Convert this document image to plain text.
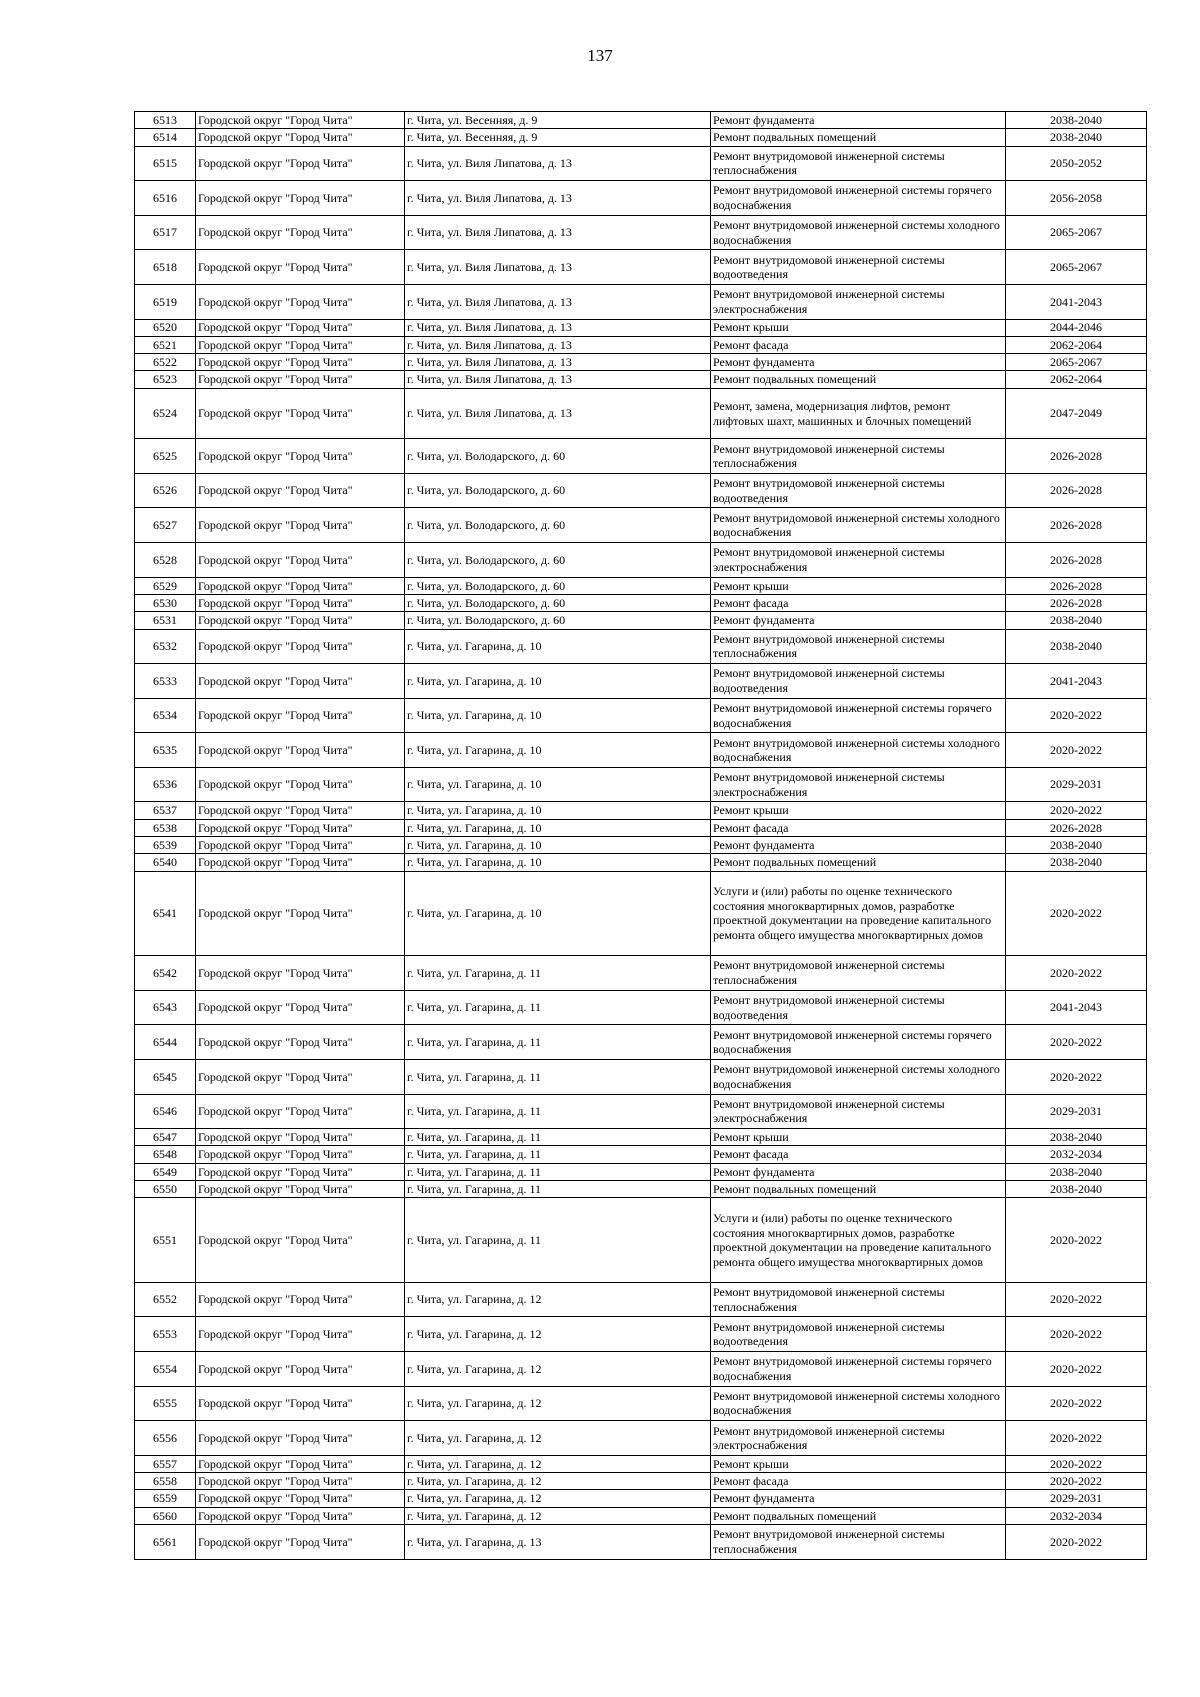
137
6513	Городской округ "Город Чита"	г. Чита, ул. Весенняя, д. 9	Ремонт фундамента	2038-2040
6514	Городской округ "Город Чита"	г. Чита, ул. Весенняя, д. 9	Ремонт подвальных помещений	2038-2040
6515	Городской округ "Город Чита"	г. Чита, ул. Виля Липатова, д. 13	Ремонт внутридомовой инженерной системы теплоснабжения	2050-2052
6516	Городской округ "Город Чита"	г. Чита, ул. Виля Липатова, д. 13	Ремонт внутридомовой инженерной системы горячего водоснабжения	2056-2058
6517	Городской округ "Город Чита"	г. Чита, ул. Виля Липатова, д. 13	Ремонт внутридомовой инженерной системы холодного водоснабжения	2065-2067
6518	Городской округ "Город Чита"	г. Чита, ул. Виля Липатова, д. 13	Ремонт внутридомовой инженерной системы водоотведения	2065-2067
6519	Городской округ "Город Чита"	г. Чита, ул. Виля Липатова, д. 13	Ремонт внутридомовой инженерной системы электроснабжения	2041-2043
6520	Городской округ "Город Чита"	г. Чита, ул. Виля Липатова, д. 13	Ремонт крыши	2044-2046
6521	Городской округ "Город Чита"	г. Чита, ул. Виля Липатова, д. 13	Ремонт фасада	2062-2064
6522	Городской округ "Город Чита"	г. Чита, ул. Виля Липатова, д. 13	Ремонт фундамента	2065-2067
6523	Городской округ "Город Чита"	г. Чита, ул. Виля Липатова, д. 13	Ремонт подвальных помещений	2062-2064
6524	Городской округ "Город Чита"	г. Чита, ул. Виля Липатова, д. 13	Ремонт, замена, модернизация лифтов, ремонт лифтовых шахт, машинных и блочных помещений	2047-2049
6525	Городской округ "Город Чита"	г. Чита, ул. Володарского, д. 60	Ремонт внутридомовой инженерной системы теплоснабжения	2026-2028
6526	Городской округ "Город Чита"	г. Чита, ул. Володарского, д. 60	Ремонт внутридомовой инженерной системы водоотведения	2026-2028
6527	Городской округ "Город Чита"	г. Чита, ул. Володарского, д. 60	Ремонт внутридомовой инженерной системы холодного водоснабжения	2026-2028
6528	Городской округ "Город Чита"	г. Чита, ул. Володарского, д. 60	Ремонт внутридомовой инженерной системы электроснабжения	2026-2028
6529	Городской округ "Город Чита"	г. Чита, ул. Володарского, д. 60	Ремонт крыши	2026-2028
6530	Городской округ "Город Чита"	г. Чита, ул. Володарского, д. 60	Ремонт фасада	2026-2028
6531	Городской округ "Город Чита"	г. Чита, ул. Володарского, д. 60	Ремонт фундамента	2038-2040
6532	Городской округ "Город Чита"	г. Чита, ул. Гагарина, д. 10	Ремонт внутридомовой инженерной системы теплоснабжения	2038-2040
6533	Городской округ "Город Чита"	г. Чита, ул. Гагарина, д. 10	Ремонт внутридомовой инженерной системы водоотведения	2041-2043
6534	Городской округ "Город Чита"	г. Чита, ул. Гагарина, д. 10	Ремонт внутридомовой инженерной системы горячего водоснабжения	2020-2022
6535	Городской округ "Город Чита"	г. Чита, ул. Гагарина, д. 10	Ремонт внутридомовой инженерной системы холодного водоснабжения	2020-2022
6536	Городской округ "Город Чита"	г. Чита, ул. Гагарина, д. 10	Ремонт внутридомовой инженерной системы электроснабжения	2029-2031
6537	Городской округ "Город Чита"	г. Чита, ул. Гагарина, д. 10	Ремонт крыши	2020-2022
6538	Городской округ "Город Чита"	г. Чита, ул. Гагарина, д. 10	Ремонт фасада	2026-2028
6539	Городской округ "Город Чита"	г. Чита, ул. Гагарина, д. 10	Ремонт фундамента	2038-2040
6540	Городской округ "Город Чита"	г. Чита, ул. Гагарина, д. 10	Ремонт подвальных помещений	2038-2040
6541	Городской округ "Город Чита"	г. Чита, ул. Гагарина, д. 10	Услуги и (или) работы по оценке технического состояния многоквартирных домов, разработке проектной документации на проведение капитального ремонта общего имущества многоквартирных домов	2020-2022
6542	Городской округ "Город Чита"	г. Чита, ул. Гагарина, д. 11	Ремонт внутридомовой инженерной системы теплоснабжения	2020-2022
6543	Городской округ "Город Чита"	г. Чита, ул. Гагарина, д. 11	Ремонт внутридомовой инженерной системы водоотведения	2041-2043
6544	Городской округ "Город Чита"	г. Чита, ул. Гагарина, д. 11	Ремонт внутридомовой инженерной системы горячего водоснабжения	2020-2022
6545	Городской округ "Город Чита"	г. Чита, ул. Гагарина, д. 11	Ремонт внутридомовой инженерной системы холодного водоснабжения	2020-2022
6546	Городской округ "Город Чита"	г. Чита, ул. Гагарина, д. 11	Ремонт внутридомовой инженерной системы электроснабжения	2029-2031
6547	Городской округ "Город Чита"	г. Чита, ул. Гагарина, д. 11	Ремонт крыши	2038-2040
6548	Городской округ "Город Чита"	г. Чита, ул. Гагарина, д. 11	Ремонт фасада	2032-2034
6549	Городской округ "Город Чита"	г. Чита, ул. Гагарина, д. 11	Ремонт фундамента	2038-2040
6550	Городской округ "Город Чита"	г. Чита, ул. Гагарина, д. 11	Ремонт подвальных помещений	2038-2040
6551	Городской округ "Город Чита"	г. Чита, ул. Гагарина, д. 11	Услуги и (или) работы по оценке технического состояния многоквартирных домов, разработке проектной документации на проведение капитального ремонта общего имущества многоквартирных домов	2020-2022
6552	Городской округ "Город Чита"	г. Чита, ул. Гагарина, д. 12	Ремонт внутридомовой инженерной системы теплоснабжения	2020-2022
6553	Городской округ "Город Чита"	г. Чита, ул. Гагарина, д. 12	Ремонт внутридомовой инженерной системы водоотведения	2020-2022
6554	Городской округ "Город Чита"	г. Чита, ул. Гагарина, д. 12	Ремонт внутридомовой инженерной системы горячего водоснабжения	2020-2022
6555	Городской округ "Город Чита"	г. Чита, ул. Гагарина, д. 12	Ремонт внутридомовой инженерной системы холодного водоснабжения	2020-2022
6556	Городской округ "Город Чита"	г. Чита, ул. Гагарина, д. 12	Ремонт внутридомовой инженерной системы электроснабжения	2020-2022
6557	Городской округ "Город Чита"	г. Чита, ул. Гагарина, д. 12	Ремонт крыши	2020-2022
6558	Городской округ "Город Чита"	г. Чита, ул. Гагарина, д. 12	Ремонт фасада	2020-2022
6559	Городской округ "Город Чита"	г. Чита, ул. Гагарина, д. 12	Ремонт фундамента	2029-2031
6560	Городской округ "Город Чита"	г. Чита, ул. Гагарина, д. 12	Ремонт подвальных помещений	2032-2034
6561	Городской округ "Город Чита"	г. Чита, ул. Гагарина, д. 13	Ремонт внутридомовой инженерной системы теплоснабжения	2020-2022
